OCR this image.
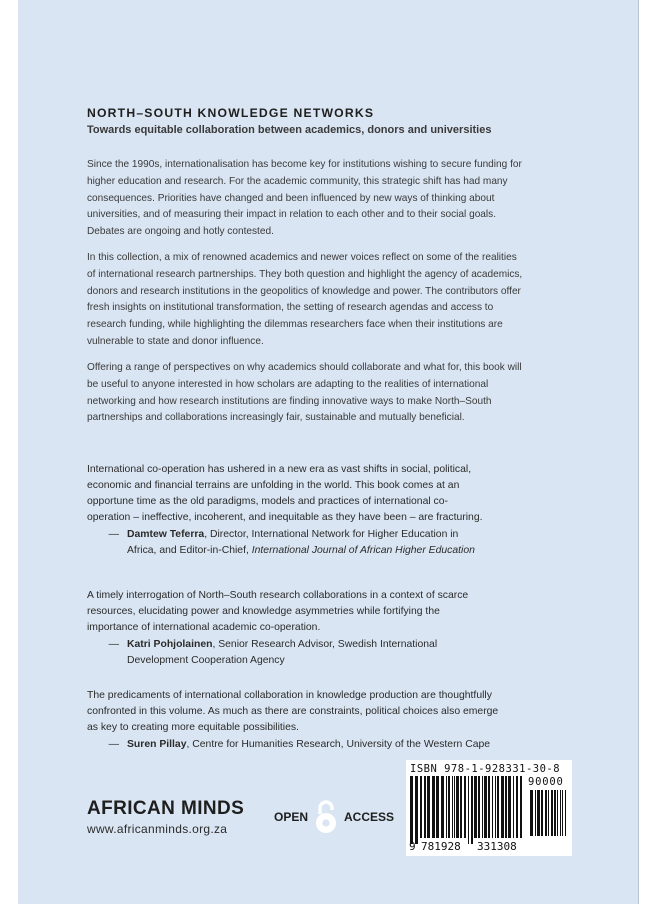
NORTH–SOUTH KNOWLEDGE NETWORKS
Towards equitable collaboration between academics, donors and universities
Since the 1990s, internationalisation has become key for institutions wishing to secure funding for higher education and research. For the academic community, this strategic shift has had many consequences. Priorities have changed and been influenced by new ways of thinking about universities, and of measuring their impact in relation to each other and to their social goals. Debates are ongoing and hotly contested.
In this collection, a mix of renowned academics and newer voices reflect on some of the realities of international research partnerships. They both question and highlight the agency of academics, donors and research institutions in the geopolitics of knowledge and power. The contributors offer fresh insights on institutional transformation, the setting of research agendas and access to research funding, while highlighting the dilemmas researchers face when their institutions are vulnerable to state and donor influence.
Offering a range of perspectives on why academics should collaborate and what for, this book will be useful to anyone interested in how scholars are adapting to the realities of international networking and how research institutions are finding innovative ways to make North–South partnerships and collaborations increasingly fair, sustainable and mutually beneficial.
International co-operation has ushered in a new era as vast shifts in social, political, economic and financial terrains are unfolding in the world. This book comes at an opportune time as the old paradigms, models and practices of international co-operation – ineffective, incoherent, and inequitable as they have been – are fracturing.
— Damtew Teferra, Director, International Network for Higher Education in Africa, and Editor-in-Chief, International Journal of African Higher Education
A timely interrogation of North–South research collaborations in a context of scarce resources, elucidating power and knowledge asymmetries while fortifying the importance of international academic co-operation.
— Katri Pohjolainen, Senior Research Advisor, Swedish International Development Cooperation Agency
The predicaments of international collaboration in knowledge production are thoughtfully confronted in this volume. As much as there are constraints, political choices also emerge as key to creating more equitable possibilities.
— Suren Pillay, Centre for Humanities Research, University of the Western Cape
AFRICAN MINDS
www.africanminds.org.za
OPEN	ACCESS
ISBN 978-1-928331-30-8
90000
9 781928	331308
